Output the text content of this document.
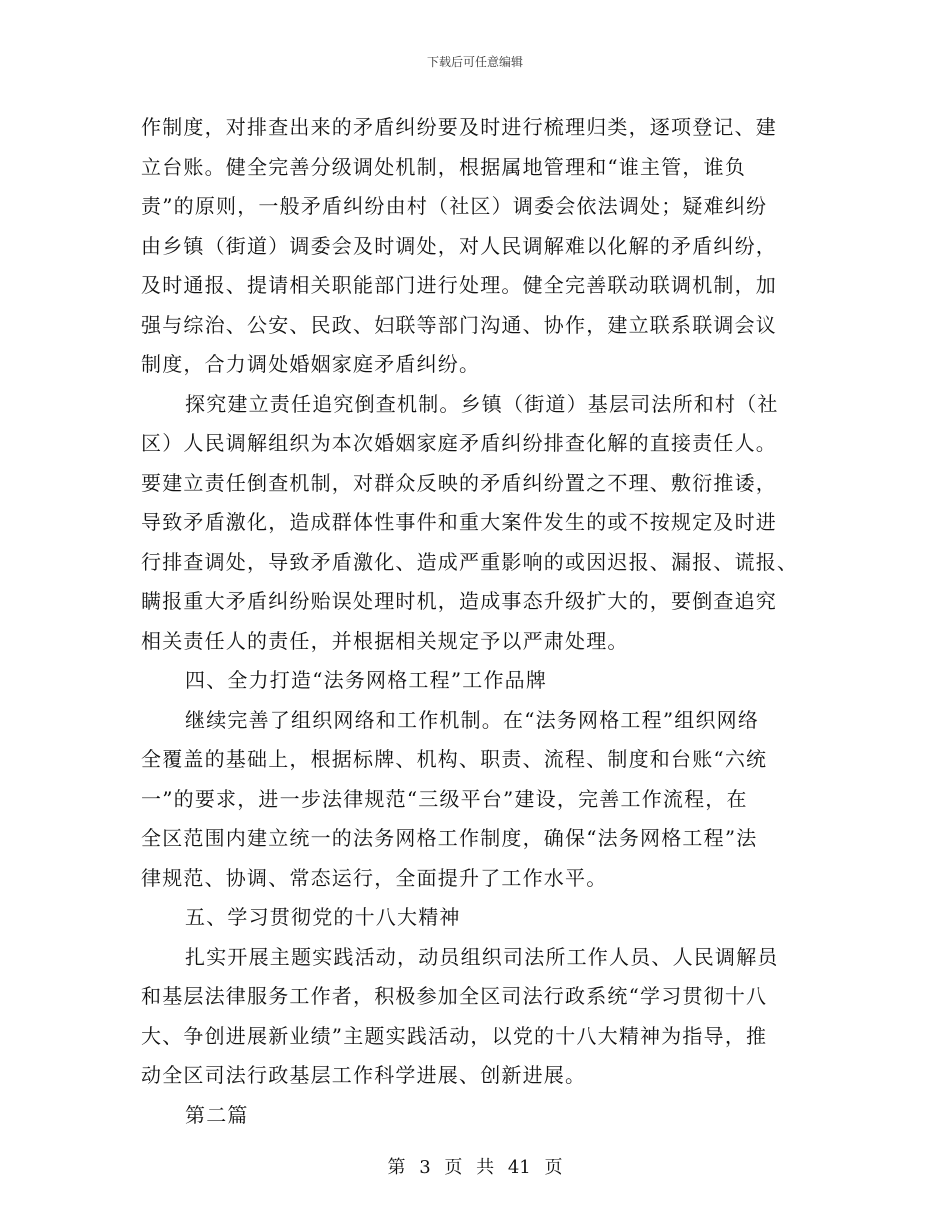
下载后可任意编辑
作制度，对排查出来的矛盾纠纷要及时进行梳理归类，逐项登记、建
立台账。健全完善分级调处机制，根据属地管理和“谁主管，谁负
责”的原则，一般矛盾纠纷由村（社区）调委会依法调处；疑难纠纷
由乡镇（街道）调委会及时调处，对人民调解难以化解的矛盾纠纷，
及时通报、提请相关职能部门进行处理。健全完善联动联调机制，加
强与综治、公安、民政、妇联等部门沟通、协作，建立联系联调会议
制度，合力调处婚姻家庭矛盾纠纷。
探究建立责任追究倒查机制。乡镇（街道）基层司法所和村（社
区）人民调解组织为本次婚姻家庭矛盾纠纷排查化解的直接责任人。
要建立责任倒查机制，对群众反映的矛盾纠纷置之不理、敷衍推诿，
导致矛盾激化，造成群体性事件和重大案件发生的或不按规定及时进
行排查调处，导致矛盾激化、造成严重影响的或因迟报、漏报、谎报、
瞒报重大矛盾纠纷贻误处理时机，造成事态升级扩大的，要倒查追究
相关责任人的责任，并根据相关规定予以严肃处理。
四、全力打造“法务网格工程”工作品牌
继续完善了组织网络和工作机制。在“法务网格工程”组织网络
全覆盖的基础上，根据标牌、机构、职责、流程、制度和台账“六统
一”的要求，进一步法律规范“三级平台”建设，完善工作流程，在
全区范围内建立统一的法务网格工作制度，确保“法务网格工程”法
律规范、协调、常态运行，全面提升了工作水平。
五、学习贯彻党的十八大精神
扎实开展主题实践活动，动员组织司法所工作人员、人民调解员
和基层法律服务工作者，积极参加全区司法行政系统“学习贯彻十八
大、争创进展新业绩”主题实践活动，以党的十八大精神为指导，推
动全区司法行政基层工作科学进展、创新进展。
第二篇
第 3 页 共 41 页
